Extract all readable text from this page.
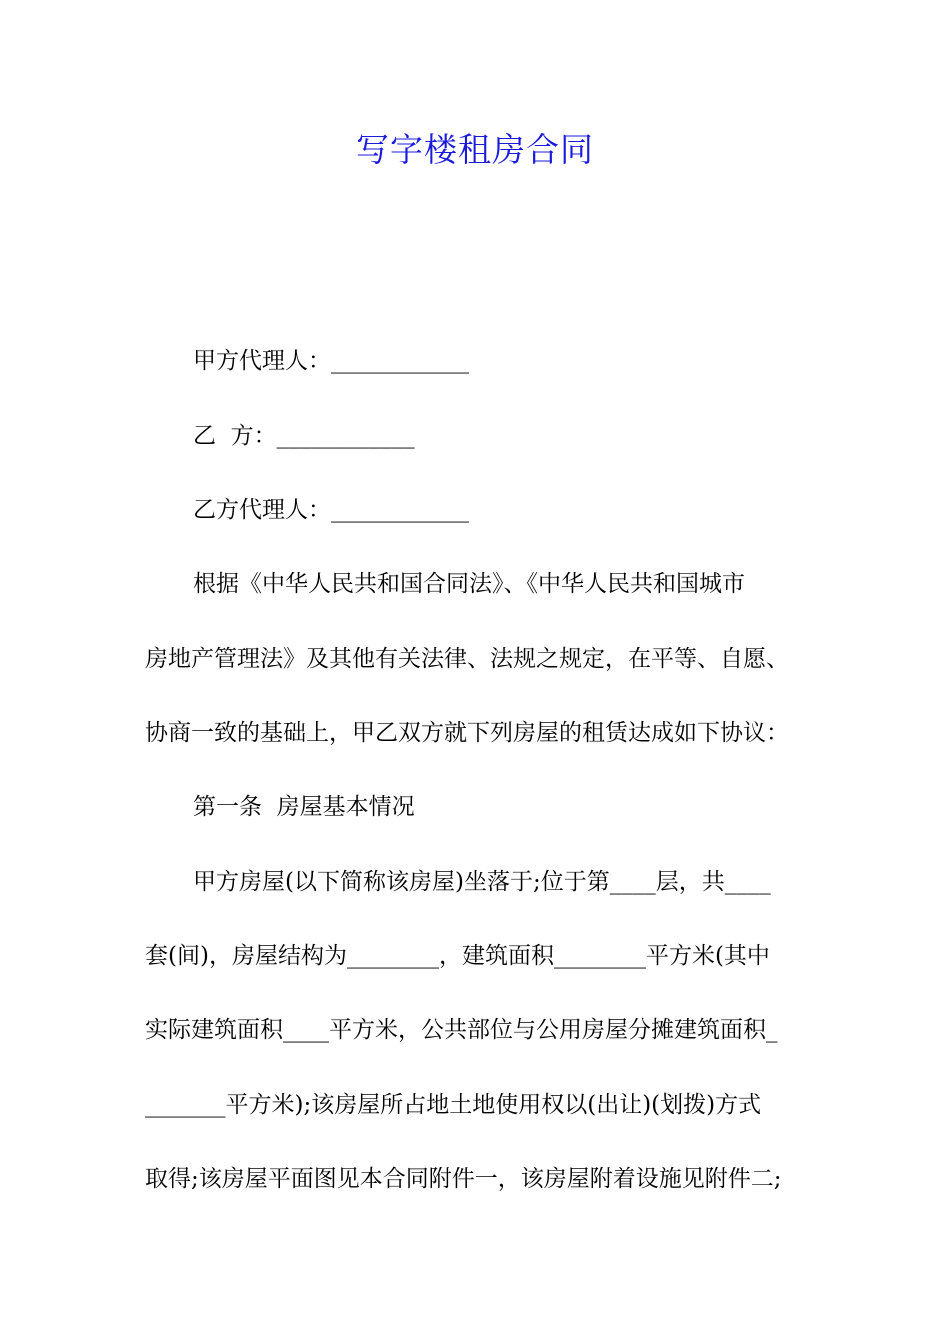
写字楼租房合同
甲方代理人：____________
乙  方：____________
乙方代理人：____________
根据《中华人民共和国合同法》、《中华人民共和国城市
房地产管理法》及其他有关法律、法规之规定，在平等、自愿、
协商一致的基础上，甲乙双方就下列房屋的租赁达成如下协议：
第一条  房屋基本情况
甲方房屋(以下简称该房屋)坐落于;位于第____层，共____
套(间)，房屋结构为________，建筑面积________平方米(其中
实际建筑面积____平方米，公共部位与公用房屋分摊建筑面积_
_______平方米);该房屋所占地土地使用权以(出让)(划拨)方式
取得;该房屋平面图见本合同附件一，该房屋附着设施见附件二;
